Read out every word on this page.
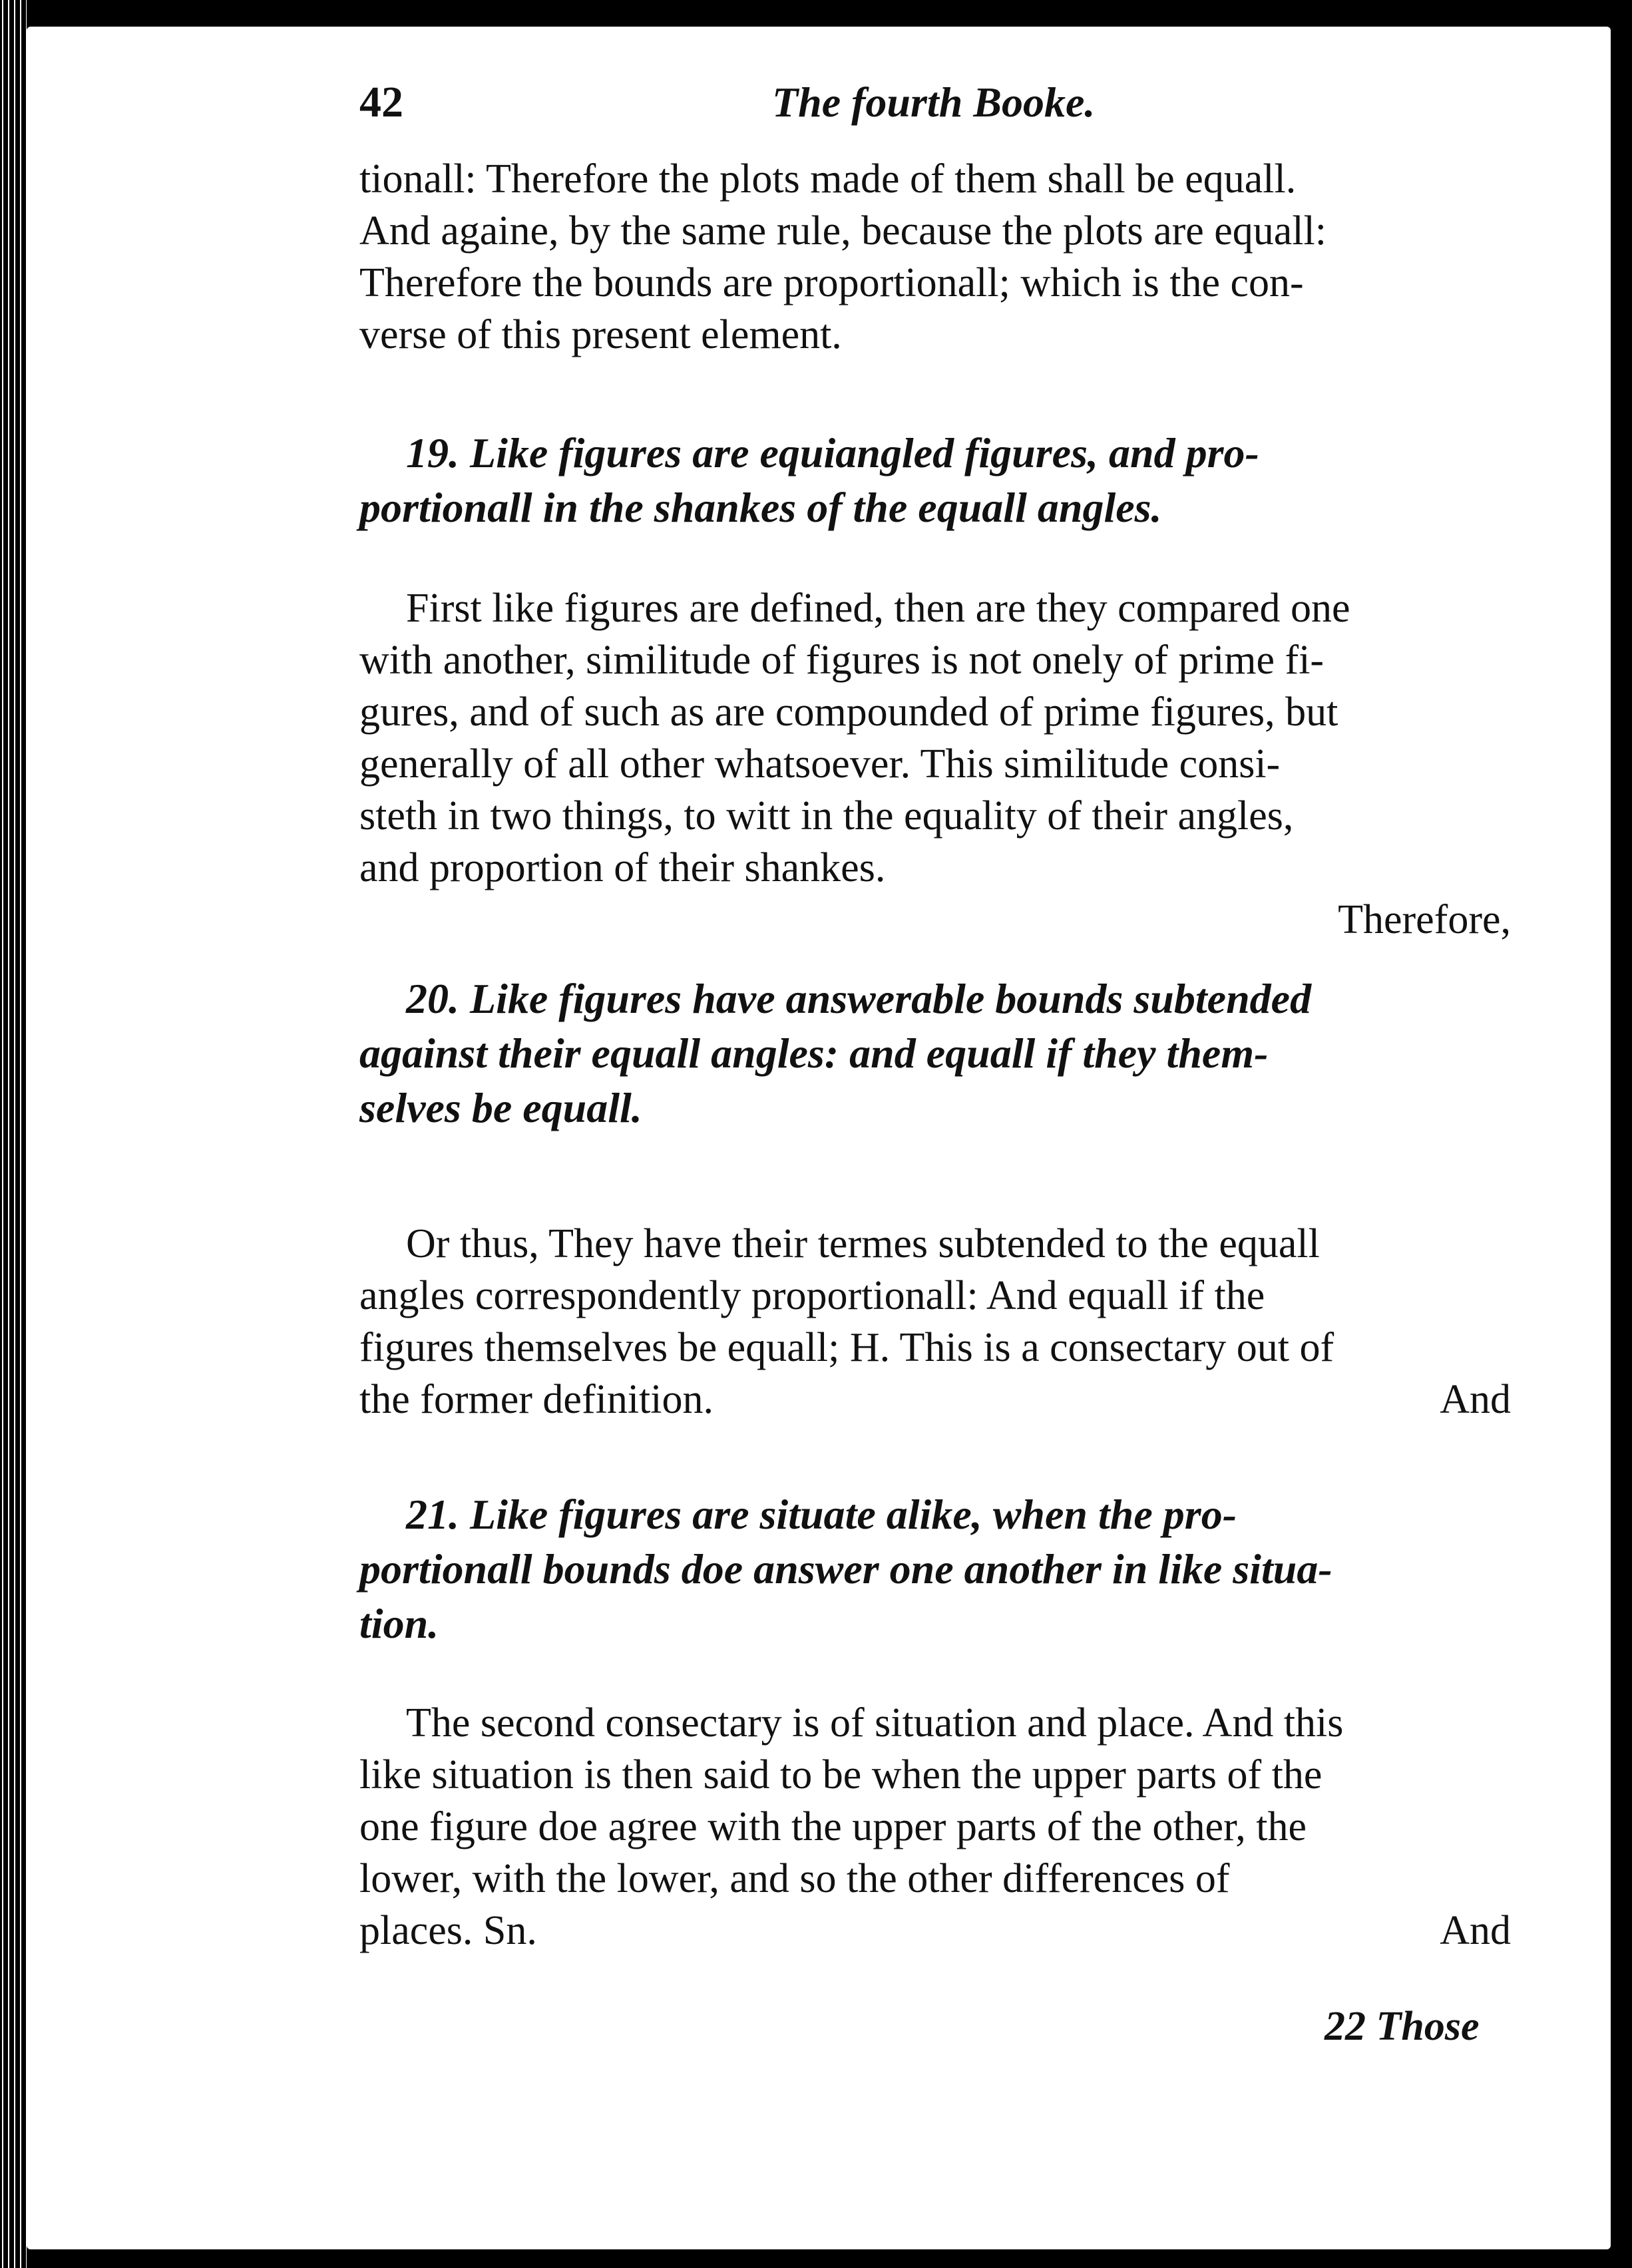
42	The fourth Booke.

tionall: Therefore the plots made of them shall be equall.

And againe, by the same rule, because the plots are equall:

Therefore the bounds are proportionall; which is the con-

verse of this present element.

19. Like figures are equiangled figures, and pro-

portionall in the shankes of the equall angles.

First like figures are defined, then are they compared one

with another, similitude of figures is not onely of prime fi-

gures, and of such as are compounded of prime figures, but

generally of all other whatsoever. This similitude consi-

steth in two things, to witt in the equality of their angles,

and proportion of their shankes.

Therefore,

20. Like figures have answerable bounds subtended

against their equall angles: and equall if they them-

selves be equall.

Or thus, They have their termes subtended to the equall

angles correspondently proportionall: And equall if the

figures themselves be equall; H. This is a consectary out of

the former definition.	And

21. Like figures are situate alike, when the pro-

portionall bounds doe answer one another in like situa-

tion.

The second consectary is of situation and place. And this

like situation is then said to be when the upper parts of the

one figure doe agree with the upper parts of the other, the

lower, with the lower, and so the other differences of

places. Sn.	And
22 Those
